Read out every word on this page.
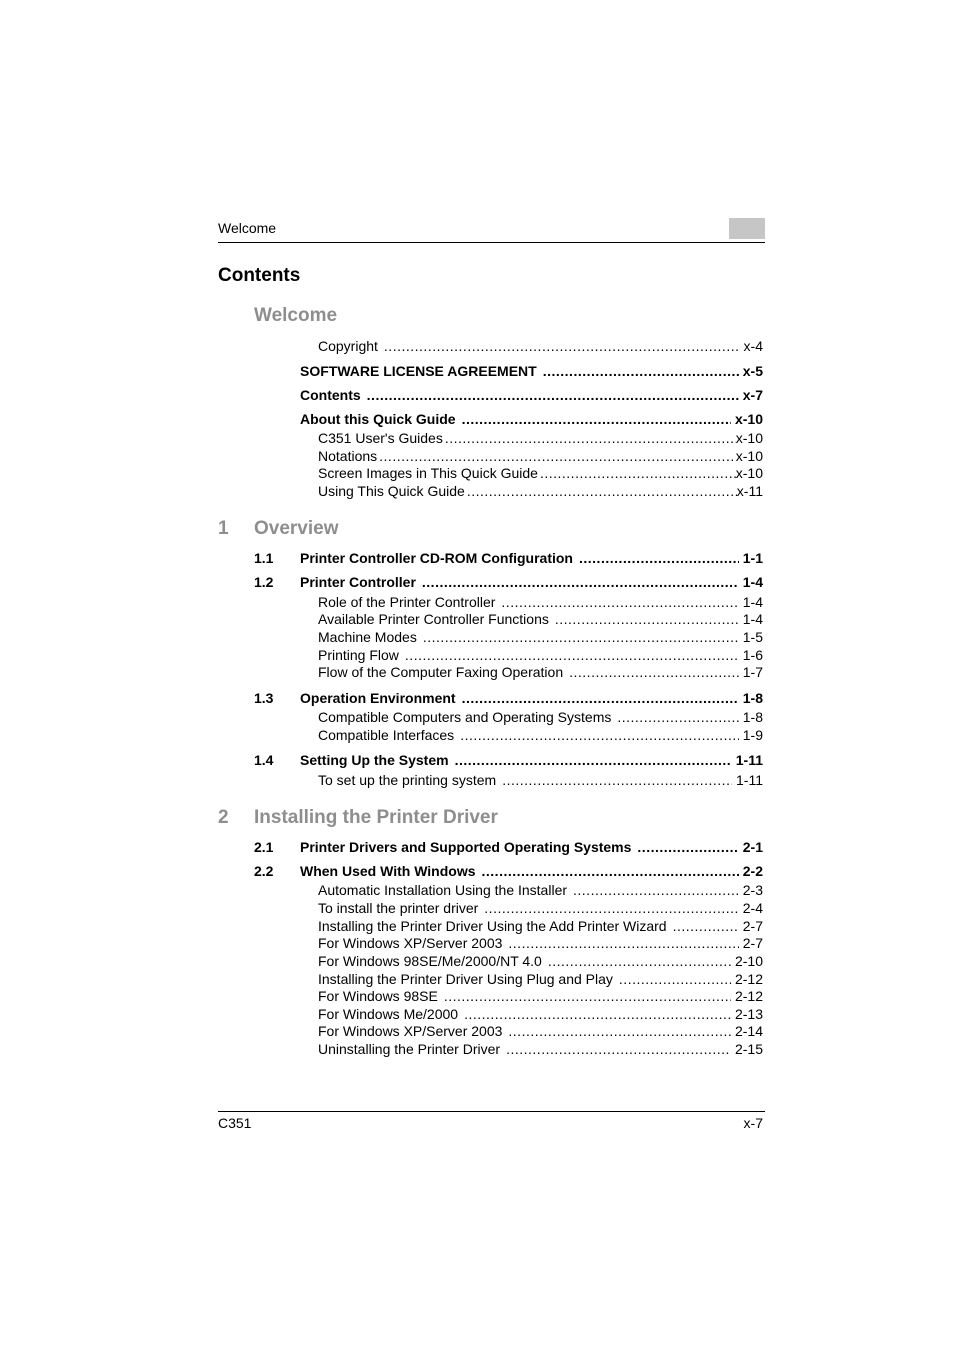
Welcome
Contents
Welcome
Copyright .....	x-4
SOFTWARE LICENSE AGREEMENT .....	x-5
Contents .....	x-7
About this Quick Guide .....	x-10
C351 User's Guides .....	x-10
Notations .....	x-10
Screen Images in This Quick Guide .....	x-10
Using This Quick Guide .....	x-11
1 Overview
1.1	Printer Controller CD-ROM Configuration .....	1-1
1.2	Printer Controller .....	1-4
Role of the Printer Controller .....	1-4
Available Printer Controller Functions .....	1-4
Machine Modes .....	1-5
Printing Flow .....	1-6
Flow of the Computer Faxing Operation .....	1-7
1.3	Operation Environment .....	1-8
Compatible Computers and Operating Systems .....	1-8
Compatible Interfaces .....	1-9
1.4	Setting Up the System .....	1-11
To set up the printing system .....	1-11
2 Installing the Printer Driver
2.1	Printer Drivers and Supported Operating Systems .....	2-1
2.2	When Used With Windows .....	2-2
Automatic Installation Using the Installer .....	2-3
To install the printer driver .....	2-4
Installing the Printer Driver Using the Add Printer Wizard .....	2-7
For Windows XP/Server 2003 .....	2-7
For Windows 98SE/Me/2000/NT 4.0 .....	2-10
Installing the Printer Driver Using Plug and Play .....	2-12
For Windows 98SE .....	2-12
For Windows Me/2000 .....	2-13
For Windows XP/Server 2003 .....	2-14
Uninstalling the Printer Driver .....	2-15
C351	x-7
